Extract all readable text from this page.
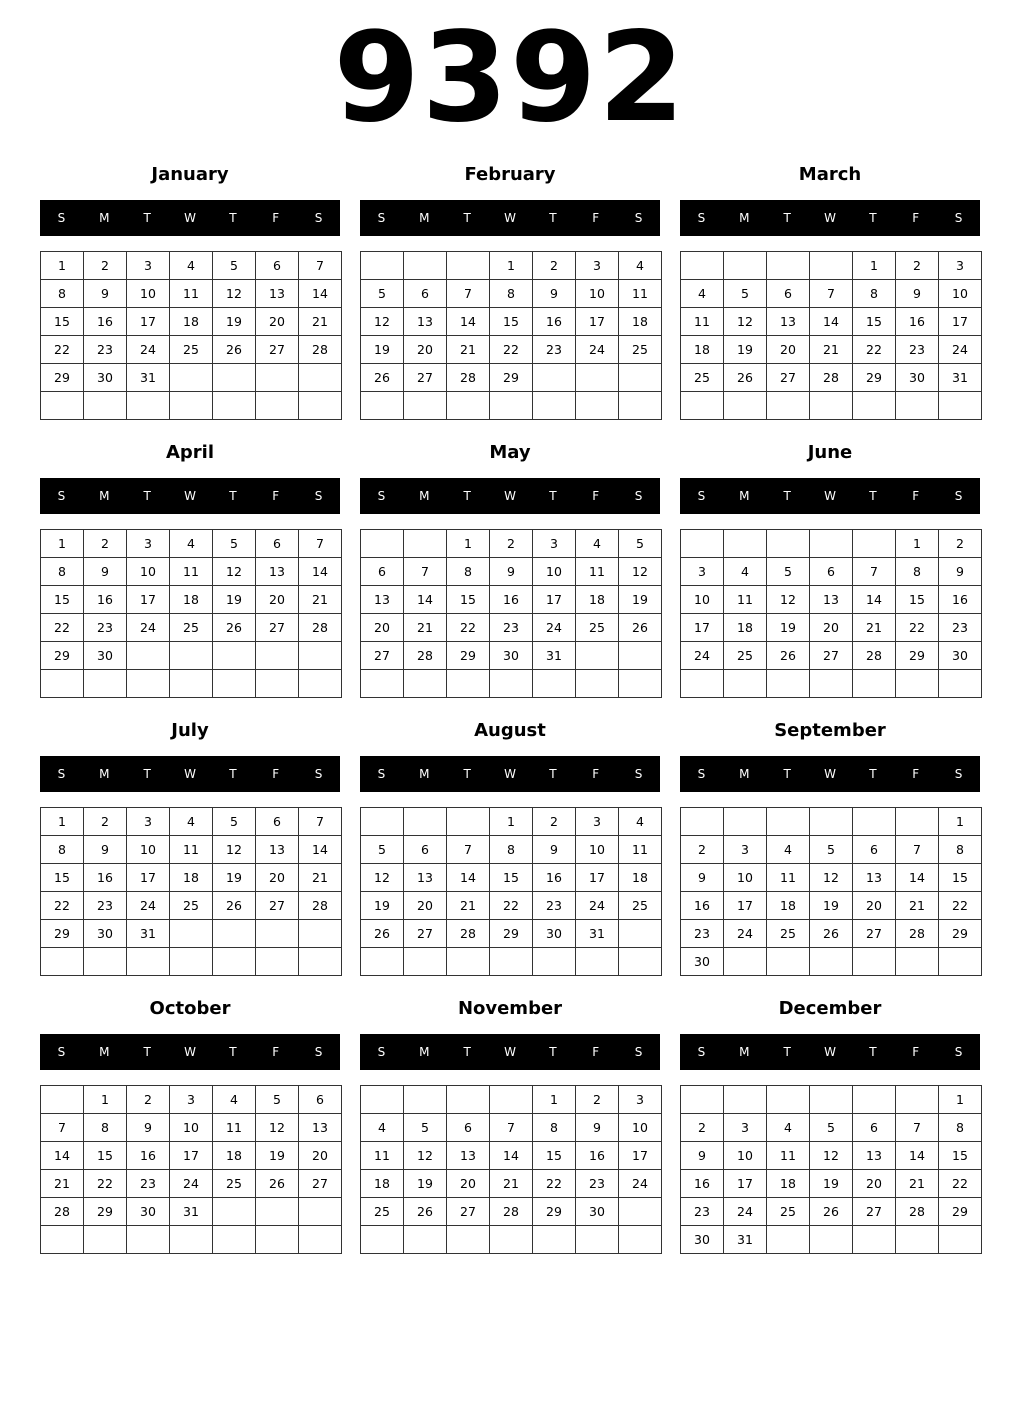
9392
January
S	M	T	W	T	F	S
1	2	3	4	5	6	7
8	9	10	11	12	13	14
15	16	17	18	19	20	21
22	23	24	25	26	27	28
29	30	31				

February
S	M	T	W	T	F	S
			1	2	3	4
5	6	7	8	9	10	11
12	13	14	15	16	17	18
19	20	21	22	23	24	25
26	27	28	29			

March
S	M	T	W	T	F	S
				1	2	3
4	5	6	7	8	9	10
11	12	13	14	15	16	17
18	19	20	21	22	23	24
25	26	27	28	29	30	31

April
S	M	T	W	T	F	S
1	2	3	4	5	6	7
8	9	10	11	12	13	14
15	16	17	18	19	20	21
22	23	24	25	26	27	28
29	30					

May
S	M	T	W	T	F	S
		1	2	3	4	5
6	7	8	9	10	11	12
13	14	15	16	17	18	19
20	21	22	23	24	25	26
27	28	29	30	31		

June
S	M	T	W	T	F	S
					1	2
3	4	5	6	7	8	9
10	11	12	13	14	15	16
17	18	19	20	21	22	23
24	25	26	27	28	29	30

July
S	M	T	W	T	F	S
1	2	3	4	5	6	7
8	9	10	11	12	13	14
15	16	17	18	19	20	21
22	23	24	25	26	27	28
29	30	31				

August
S	M	T	W	T	F	S
			1	2	3	4
5	6	7	8	9	10	11
12	13	14	15	16	17	18
19	20	21	22	23	24	25
26	27	28	29	30	31	

September
S	M	T	W	T	F	S
						1
2	3	4	5	6	7	8
9	10	11	12	13	14	15
16	17	18	19	20	21	22
23	24	25	26	27	28	29
30						
October
S	M	T	W	T	F	S
	1	2	3	4	5	6
7	8	9	10	11	12	13
14	15	16	17	18	19	20
21	22	23	24	25	26	27
28	29	30	31			

November
S	M	T	W	T	F	S
				1	2	3
4	5	6	7	8	9	10
11	12	13	14	15	16	17
18	19	20	21	22	23	24
25	26	27	28	29	30	

December
S	M	T	W	T	F	S
						1
2	3	4	5	6	7	8
9	10	11	12	13	14	15
16	17	18	19	20	21	22
23	24	25	26	27	28	29
30	31					
